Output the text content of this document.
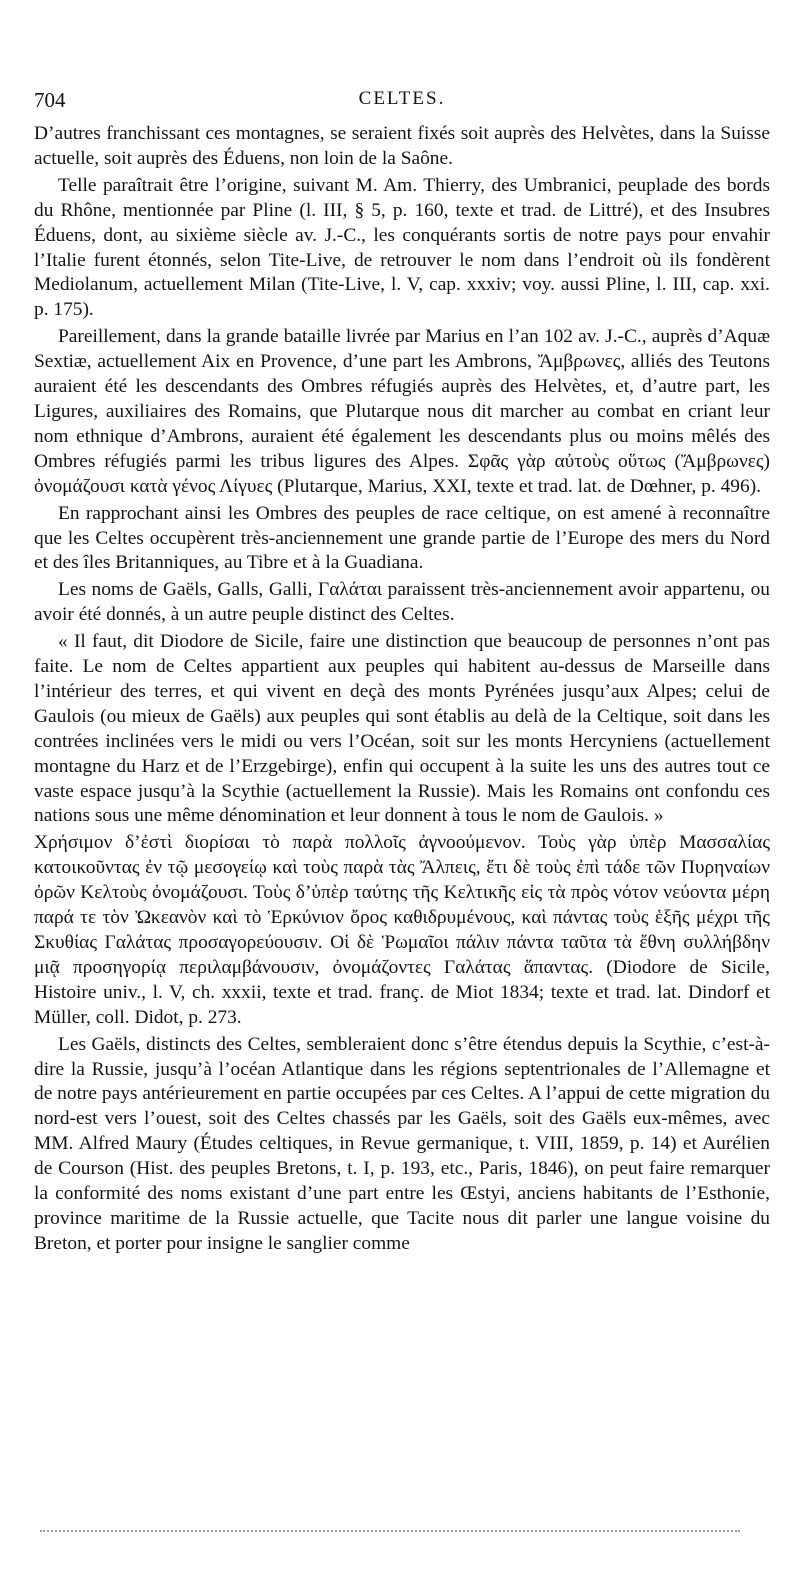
704	CELTES.

D’autres franchissant ces montagnes, se seraient fixés soit auprès des Helvètes, dans la Suisse actuelle, soit auprès des Éduens, non loin de la Saône.

Telle paraîtrait être l’origine, suivant M. Am. Thierry, des Umbranici, peuplade des bords du Rhône, mentionnée par Pline (l. III, § 5, p. 160, texte et trad. de Littré), et des Insubres Éduens, dont, au sixième siècle av. J.-C., les conquérants sortis de notre pays pour envahir l’Italie furent étonnés, selon Tite-Live, de retrouver le nom dans l’endroit où ils fondèrent Mediolanum, actuellement Milan (Tite-Live, l. V, cap. xxxiv; voy. aussi Pline, l. III, cap. xxi. p. 175).

Pareillement, dans la grande bataille livrée par Marius en l’an 102 av. J.-C., auprès d’Aquæ Sextiæ, actuellement Aix en Provence, d’une part les Ambrons, Ἄμβρωνες, alliés des Teutons auraient été les descendants des Ombres réfugiés auprès des Helvètes, et, d’autre part, les Ligures, auxiliaires des Romains, que Plutarque nous dit marcher au combat en criant leur nom ethnique d’Ambrons, auraient été également les descendants plus ou moins mêlés des Ombres réfugiés parmi les tribus ligures des Alpes. Σφᾶς γὰρ αὐτοὺς οὕτως (Ἄμβρωνες) ὀνομάζουσι κατὰ γένος Λίγυες (Plutarque, Marius, XXI, texte et trad. lat. de Dœhner, p. 496).

En rapprochant ainsi les Ombres des peuples de race celtique, on est amené à reconnaître que les Celtes occupèrent très-anciennement une grande partie de l’Europe des mers du Nord et des îles Britanniques, au Tibre et à la Guadiana.

Les noms de Gaëls, Galls, Galli, Γαλάται paraissent très-anciennement avoir appartenu, ou avoir été donnés, à un autre peuple distinct des Celtes.

« Il faut, dit Diodore de Sicile, faire une distinction que beaucoup de personnes n’ont pas faite. Le nom de Celtes appartient aux peuples qui habitent au-dessus de Marseille dans l’intérieur des terres, et qui vivent en deçà des monts Pyrénées jusqu’aux Alpes; celui de Gaulois (ou mieux de Gaëls) aux peuples qui sont établis au delà de la Celtique, soit dans les contrées inclinées vers le midi ou vers l’Océan, soit sur les monts Hercyniens (actuellement montagne du Harz et de l’Erzgebirge), enfin qui occupent à la suite les uns des autres tout ce vaste espace jusqu’à la Scythie (actuellement la Russie). Mais les Romains ont confondu ces nations sous une même dénomination et leur donnent à tous le nom de Gaulois. »

Χρήσιμον δ’ἐστὶ διορίσαι τὸ παρὰ πολλοῖς ἀγνοούμενον. Τοὺς γὰρ ὑπὲρ Μασσαλίας κατοικοῦντας ἐν τῷ μεσογείῳ καὶ τοὺς παρὰ τὰς Ἄλπεις, ἔτι δὲ τοὺς ἐπὶ τάδε τῶν Πυρηναίων ὀρῶν Κελτοὺς ὀνομάζουσι. Τοὺς δ’ὑπὲρ ταύτης τῆς Κελτικῆς εἰς τὰ πρὸς νότον νεύοντα μέρη παρά τε τὸν Ὠκεανὸν καὶ τὸ Ἑρκύνιον ὄρος καθιδρυμένους, καὶ πάντας τοὺς ἑξῆς μέχρι τῆς Σκυθίας Γαλάτας προσαγορεύουσιν. Οἱ δὲ Ῥωμαῖοι πάλιν πάντα ταῦτα τὰ ἔθνη συλλήβδην μιᾷ προσηγορίᾳ περιλαμβάνουσιν, ὀνομάζοντες Γαλάτας ἅπαντας. (Diodore de Sicile, Histoire univ., l. V, ch. xxxii, texte et trad. franç. de Miot 1834; texte et trad. lat. Dindorf et Müller, coll. Didot, p. 273.

Les Gaëls, distincts des Celtes, sembleraient donc s’être étendus depuis la Scythie, c’est-à-dire la Russie, jusqu’à l’océan Atlantique dans les régions septentrionales de l’Allemagne et de notre pays antérieurement en partie occupées par ces Celtes. A l’appui de cette migration du nord-est vers l’ouest, soit des Celtes chassés par les Gaëls, soit des Gaëls eux-mêmes, avec MM. Alfred Maury (Études celtiques, in Revue germanique, t. VIII, 1859, p. 14) et Aurélien de Courson (Hist. des peuples Bretons, t. I, p. 193, etc., Paris, 1846), on peut faire remarquer la conformité des noms existant d’une part entre les Œstyi, anciens habitants de l’Esthonie, province maritime de la Russie actuelle, que Tacite nous dit parler une langue voisine du Breton, et porter pour insigne le sanglier comme
